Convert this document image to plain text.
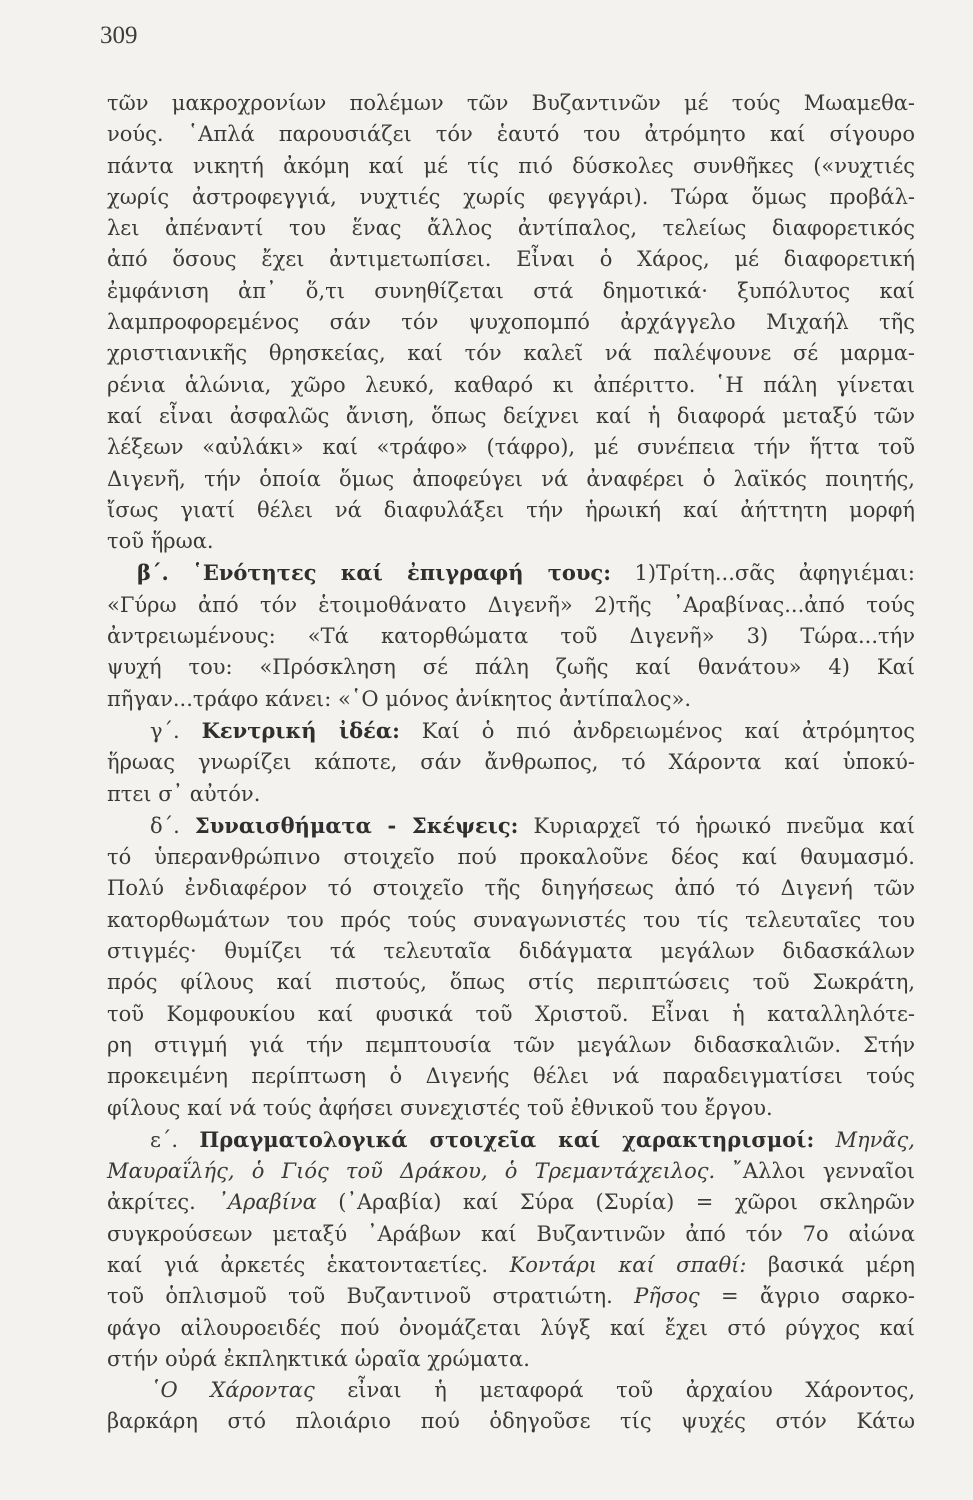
309
τῶν μακροχρονίων πολέμων τῶν Βυζαντινῶν μέ τούς Μωαμεθα-
νούς. ῾Απλά παρουσιάζει τόν ἑαυτό του ἀτρόμητο καί σίγουρο
πάντα νικητή ἀκόμη καί μέ τίς πιό δύσκολες συνθῆκες («νυχτιές
χωρίς ἀστροφεγγιά, νυχτιές χωρίς φεγγάρι). Τώρα ὅμως προβάλ-
λει ἀπέναντί του ἕνας ἄλλος ἀντίπαλος, τελείως διαφορετικός
ἀπό ὅσους ἔχει ἀντιμετωπίσει. Εἶναι ὁ Χάρος, μέ διαφορετική
ἐμφάνιση ἀπ᾽ ὅ,τι συνηθίζεται στά δημοτικά· ξυπόλυτος καί
λαμπροφορεμένος σάν τόν ψυχοπομπό ἀρχάγγελο Μιχαήλ τῆς
χριστιανικῆς θρησκείας, καί τόν καλεῖ νά παλέψουνε σέ μαρμα-
ρένια ἁλώνια, χῶρο λευκό, καθαρό κι ἀπέριττο. ῾Η πάλη γίνεται
καί εἶναι ἀσφαλῶς ἄνιση, ὅπως δείχνει καί ἡ διαφορά μεταξύ τῶν
λέξεων «αὐλάκι» καί «τράφο» (τάφρο), μέ συνέπεια τήν ἥττα τοῦ
Διγενῆ, τήν ὁποία ὅμως ἀποφεύγει νά ἀναφέρει ὁ λαϊκός ποιητής,
ἴσως γιατί θέλει νά διαφυλάξει τήν ἡρωική καί ἀήττητη μορφή
τοῦ ἥρωα.
β΄. ῾Ενότητες καί ἐπιγραφή τους: 1)Τρίτη...σᾶς ἀφηγιέμαι:
«Γύρω ἀπό τόν ἑτοιμοθάνατο Διγενῆ» 2)τῆς ᾿Αραβίνας...ἀπό τούς
ἀντρειωμένους: «Τά κατορθώματα τοῦ Διγενῆ» 3) Τώρα...τήν
ψυχή του: «Πρόσκληση σέ πάλη ζωῆς καί θανάτου» 4) Καί
πῆγαν...τράφο κάνει: «῾Ο μόνος ἀνίκητος ἀντίπαλος».
γ΄. Κεντρική ἰδέα: Καί ὁ πιό ἀνδρειωμένος καί ἀτρόμητος
ἥρωας γνωρίζει κάποτε, σάν ἄνθρωπος, τό Χάροντα καί ὑποκύ-
πτει σ᾽ αὐτόν.
δ΄. Συναισθήματα - Σκέψεις: Κυριαρχεῖ τό ἡρωικό πνεῦμα καί
τό ὑπερανθρώπινο στοιχεῖο πού προκαλοῦνε δέος καί θαυμασμό.
Πολύ ἐνδιαφέρον τό στοιχεῖο τῆς διηγήσεως ἀπό τό Διγενή τῶν
κατορθωμάτων του πρός τούς συναγωνιστές του τίς τελευταῖες του
στιγμές· θυμίζει τά τελευταῖα διδάγματα μεγάλων διδασκάλων
πρός φίλους καί πιστούς, ὅπως στίς περιπτώσεις τοῦ Σωκράτη,
τοῦ Κομφουκίου καί φυσικά τοῦ Χριστοῦ. Εἶναι ἡ καταλληλότε-
ρη στιγμή γιά τήν πεμπτουσία τῶν μεγάλων διδασκαλιῶν. Στήν
προκειμένη περίπτωση ὁ Διγενής θέλει νά παραδειγματίσει τούς
φίλους καί νά τούς ἀφήσει συνεχιστές τοῦ ἐθνικοῦ του ἔργου.
ε΄. Πραγματολογικά στοιχεῖα καί χαρακτηρισμοί: Μηνᾶς,
Μαυραΐλής, ὁ Γιός τοῦ Δράκου, ὁ Τρεμαντάχειλος. ῎Αλλοι γενναῖοι
ἀκρίτες. ᾿Αραβίνα (᾿Αραβία) καί Σύρα (Συρία) = χῶροι σκληρῶν
συγκρούσεων μεταξύ ᾿Αράβων καί Βυζαντινῶν ἀπό τόν 7ο αἰώνα
καί γιά ἀρκετές ἑκατονταετίες. Κοντάρι καί σπαθί: βασικά μέρη
τοῦ ὁπλισμοῦ τοῦ Βυζαντινοῦ στρατιώτη. Ρῆσος = ἄγριο σαρκο-
φάγο αἰλουροειδές πού ὀνομάζεται λύγξ καί ἔχει στό ρύγχος καί
στήν οὐρά ἐκπληκτικά ὡραῖα χρώματα.
῾Ο Χάροντας εἶναι ἡ μεταφορά τοῦ ἀρχαίου Χάροντος,
βαρκάρη στό πλοιάριο πού ὁδηγοῦσε τίς ψυχές στόν Κάτω
